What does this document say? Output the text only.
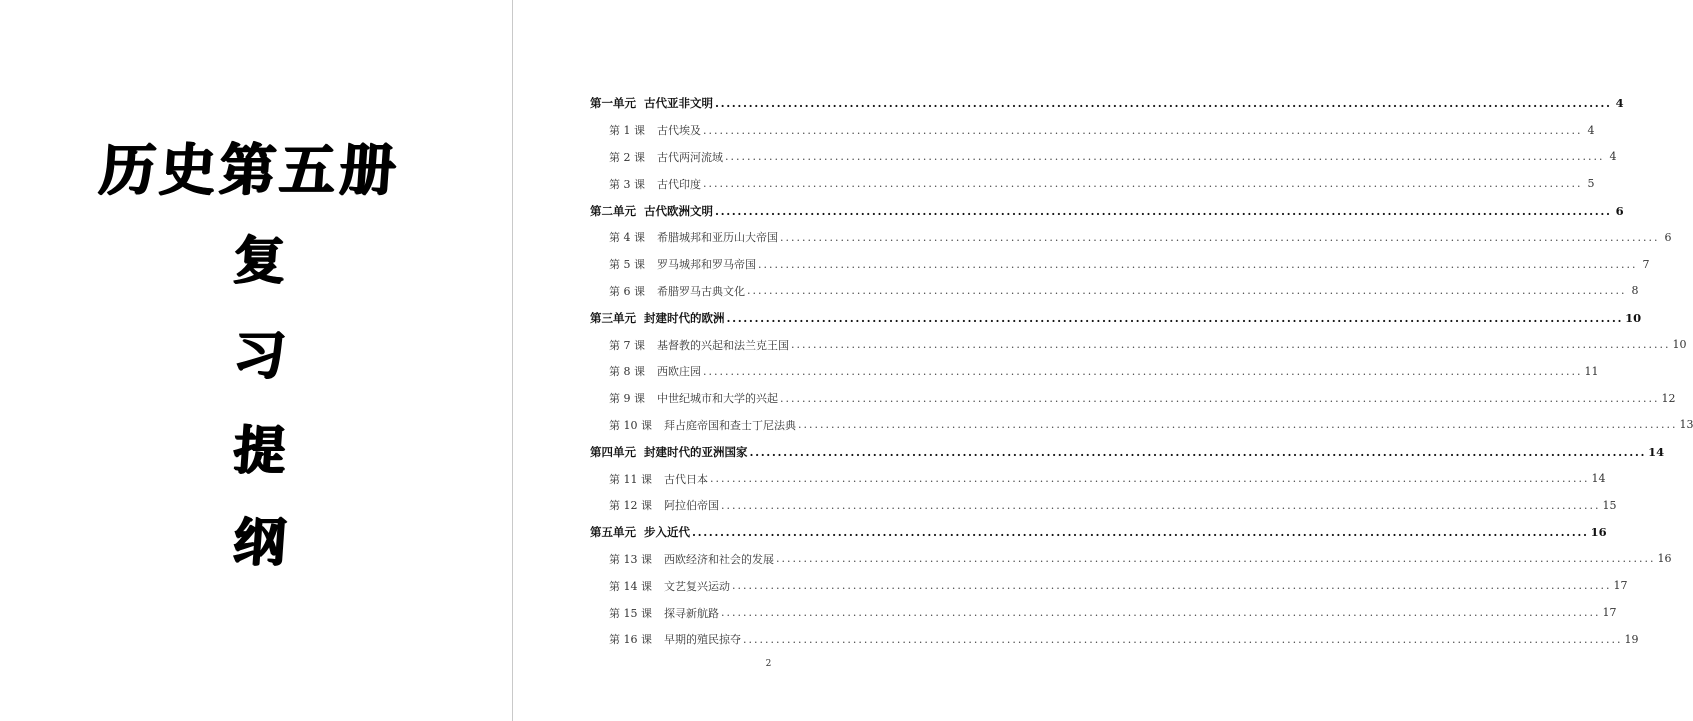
历史第五册
复
习
提
纲
第一单元 古代亚非文明 ................................................................................................................................................................ 4
第 1 课 古代埃及 ................................................................................................................................................................ 4
第 2 课 古代两河流域 ................................................................................................................................................................ 4
第 3 课 古代印度 ................................................................................................................................................................ 5
第二单元 古代欧洲文明 ................................................................................................................................................................ 6
第 4 课 希腊城邦和亚历山大帝国 ................................................................................................................................................................ 6
第 5 课 罗马城邦和罗马帝国 ................................................................................................................................................................ 7
第 6 课 希腊罗马古典文化 ................................................................................................................................................................ 8
第三单元 封建时代的欧洲 ................................................................................................................................................................ 10
第 7 课 基督教的兴起和法兰克王国 ................................................................................................................................................................ 10
第 8 课 西欧庄园 ................................................................................................................................................................ 11
第 9 课 中世纪城市和大学的兴起 ................................................................................................................................................................ 12
第 10 课 拜占庭帝国和查士丁尼法典 ................................................................................................................................................................ 13
第四单元 封建时代的亚洲国家 ................................................................................................................................................................ 14
第 11 课 古代日本 ................................................................................................................................................................ 14
第 12 课 阿拉伯帝国 ................................................................................................................................................................ 15
第五单元 步入近代 ................................................................................................................................................................ 16
第 13 课 西欧经济和社会的发展 ................................................................................................................................................................ 16
第 14 课 文艺复兴运动 ................................................................................................................................................................ 17
第 15 课 探寻新航路 ................................................................................................................................................................ 17
第 16 课 早期的殖民掠夺 ................................................................................................................................................................ 19
2
